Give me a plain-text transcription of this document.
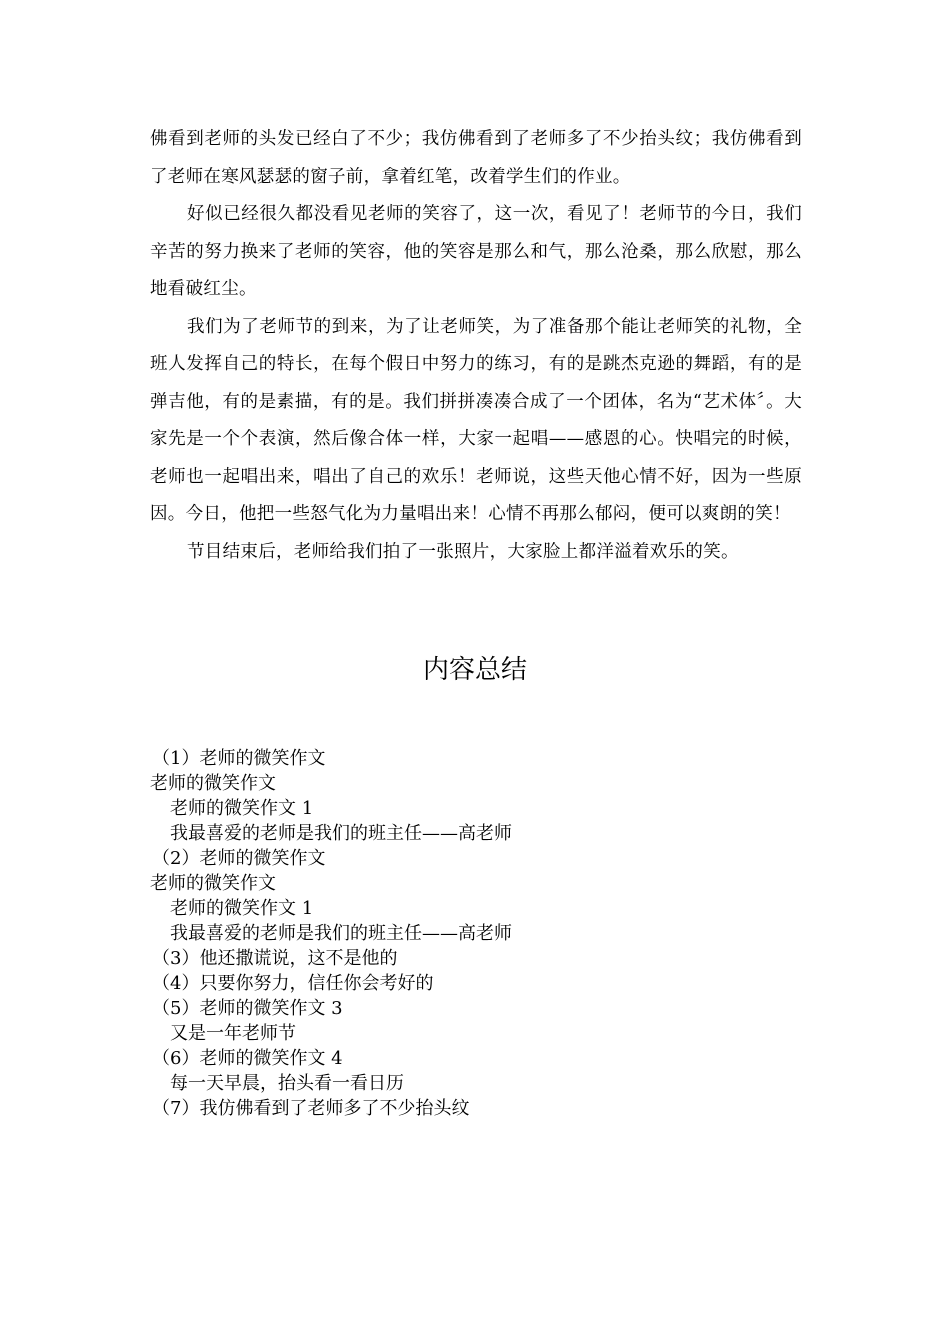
佛看到老师的头发已经白了不少；我仿佛看到了老师多了不少抬头纹；我仿佛看到了老师在寒风瑟瑟的窗子前，拿着红笔，改着学生们的作业。

好似已经很久都没看见老师的笑容了，这一次，看见了！老师节的今日，我们辛苦的努力换来了老师的笑容，他的笑容是那么和气，那么沧桑，那么欣慰，那么地看破红尘。

我们为了老师节的到来，为了让老师笑，为了准备那个能让老师笑的礼物，全班人发挥自己的特长，在每个假日中努力的练习，有的是跳杰克逊的舞蹈，有的是弹吉他，有的是素描，有的是。我们拼拼凑凑合成了一个团体，名为“艺术体〞。大家先是一个个表演，然后像合体一样，大家一起唱——感恩的心。快唱完的时候，老师也一起唱出来，唱出了自己的欢乐！老师说，这些天他心情不好，因为一些原因。今日，他把一些怒气化为力量唱出来！心情不再那么郁闷，便可以爽朗的笑！

节目结束后，老师给我们拍了一张照片，大家脸上都洋溢着欢乐的笑。

内容总结
（1）老师的微笑作文
老师的微笑作文
老师的微笑作文 1
我最喜爱的老师是我们的班主任——高老师
（2）老师的微笑作文
老师的微笑作文
老师的微笑作文 1
我最喜爱的老师是我们的班主任——高老师
（3）他还撒谎说，这不是他的
（4）只要你努力，信任你会考好的
（5）老师的微笑作文 3
又是一年老师节
（6）老师的微笑作文 4
每一天早晨，抬头看一看日历
（7）我仿佛看到了老师多了不少抬头纹
